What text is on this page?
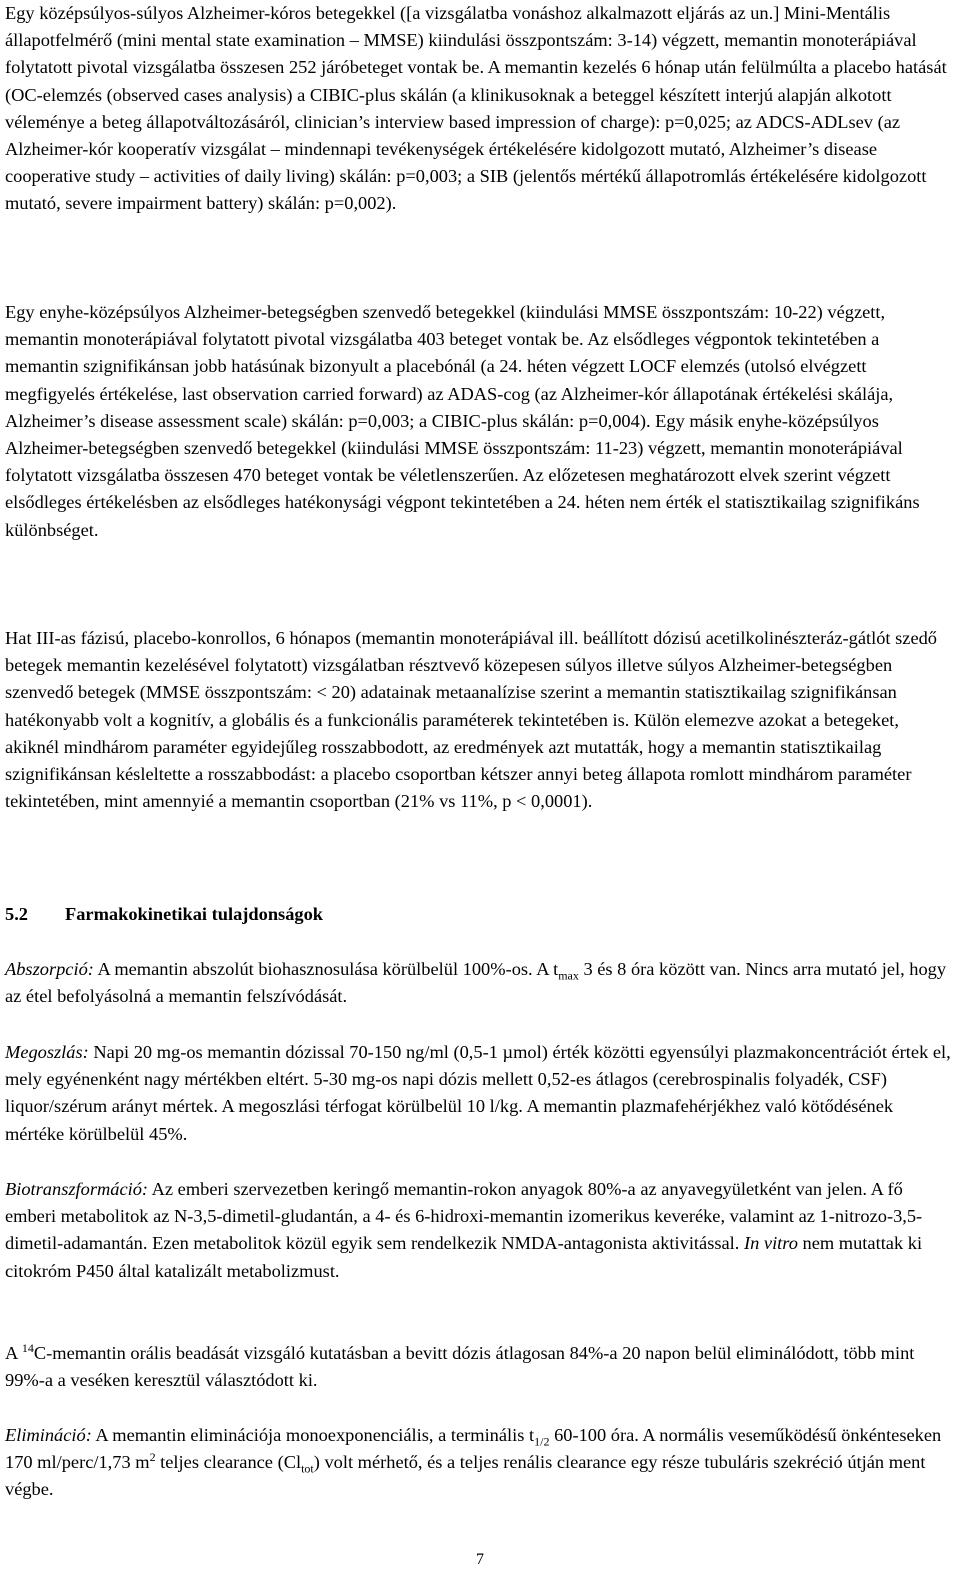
Egy középsúlyos-súlyos Alzheimer-kóros betegekkel ([a vizsgálatba vonáshoz alkalmazott eljárás az un.] Mini-Mentális állapotfelmérő (mini mental state examination – MMSE) kiindulási összpontszám: 3-14) végzett, memantin monoterápiával folytatott pivotal vizsgálatba összesen 252 járóbeteget vontak be. A memantin kezelés 6 hónap után felülmúlta a placebo hatását (OC-elemzés (observed cases analysis) a CIBIC-plus skálán (a klinikusoknak a beteggel készített interjú alapján alkotott véleménye a beteg állapotváltozásáról, clinician’s interview based impression of charge): p=0,025; az ADCS-ADLsev (az Alzheimer-kór kooperatív vizsgálat – mindennapi tevékenységek értékelésére kidolgozott mutató, Alzheimer’s disease cooperative study – activities of daily living) skálán: p=0,003; a SIB (jelentős mértékű állapotromlás értékelésére kidolgozott mutató, severe impairment battery) skálán: p=0,002).

Egy enyhe-középsúlyos Alzheimer-betegségben szenvedő betegekkel (kiindulási MMSE összpontszám: 10-22) végzett, memantin monoterápiával folytatott pivotal vizsgálatba 403 beteget vontak be. Az elsődleges végpontok tekintetében a memantin szignifikánsan jobb hatásúnak bizonyult a placebónál (a 24. héten végzett LOCF elemzés (utolsó elvégzett megfigyelés értékelése, last observation carried forward) az ADAS-cog (az Alzheimer-kór állapotának értékelési skálája, Alzheimer’s disease assessment scale) skálán: p=0,003; a CIBIC-plus skálán: p=0,004). Egy másik enyhe-középsúlyos Alzheimer-betegségben szenvedő betegekkel (kiindulási MMSE összpontszám: 11-23) végzett, memantin monoterápiával folytatott vizsgálatba összesen 470 beteget vontak be véletlenszerűen. Az előzetesen meghatározott elvek szerint végzett elsődleges értékelésben az elsődleges hatékonysági végpont tekintetében a 24. héten nem érték el statisztikailag szignifikáns különbséget.

Hat III-as fázisú, placebo-konrollos, 6 hónapos (memantin monoterápiával ill. beállított dózisú acetilkolinészteráz-gátlót szedő betegek memantin kezelésével folytatott) vizsgálatban résztvevő közepesen súlyos illetve súlyos Alzheimer-betegségben szenvedő betegek (MMSE összpontszám: < 20) adatainak metaanalízise szerint a memantin statisztikailag szignifikánsan hatékonyabb volt a kognitív, a globális és a funkcionális paraméterek tekintetében is. Külön elemezve azokat a betegeket, akiknél mindhárom paraméter egyidejűleg rosszabbodott, az eredmények azt mutatták, hogy a memantin statisztikailag szignifikánsan késleltette a rosszabbodást: a placebo csoportban kétszer annyi beteg állapota romlott mindhárom paraméter tekintetében, mint amennyié a memantin csoportban (21% vs 11%, p < 0,0001).

5.2 Farmakokinetikai tulajdonságok

Abszorpció: A memantin abszolút biohasznosulása körülbelül 100%-os. A $t_{max}$ 3 és 8 óra között van. Nincs arra mutató jel, hogy az étel befolyásolná a memantin felszívódását.

Megoszlás: Napi 20 mg-os memantin dózissal 70-150 ng/ml (0,5-1 µmol) érték közötti egyensúlyi plazmakoncentrációt értek el, mely egyénenként nagy mértékben eltért. 5-30 mg-os napi dózis mellett 0,52-es átlagos (cerebrospinalis folyadék, CSF) liquor/szérum arányt mértek. A megoszlási térfogat körülbelül 10 l/kg. A memantin plazmafehérjékhez való kötődésének mértéke körülbelül 45%.

Biotranszformáció: Az emberi szervezetben keringő memantin-rokon anyagok 80%-a az anyavegyületként van jelen. A fő emberi metabolitok az N-3,5-dimetil-gludantán, a 4- és 6-hidroxi-memantin izomerikus keveréke, valamint az 1-nitrozo-3,5-dimetil-adamantán. Ezen metabolitok közül egyik sem rendelkezik NMDA-antagonista aktivitással. In vitro nem mutattak ki citokróm P450 által katalizált metabolizmust.

A $^{14}$C-memantin orális beadását vizsgáló kutatásban a bevitt dózis átlagosan 84%-a 20 napon belül eliminálódott, több mint 99%-a a veséken keresztül választódott ki.

Elimináció: A memantin eliminációja monoexponenciális, a terminális $t_{1/2}$ 60-100 óra. A normális veseműködésű önkénteseken 170 ml/perc/1,73 $m^2$ teljes clearance $(Cl_{tot})$ volt mérhető, és a teljes renális clearance egy része tubuláris szekréció útján ment végbe.

7
